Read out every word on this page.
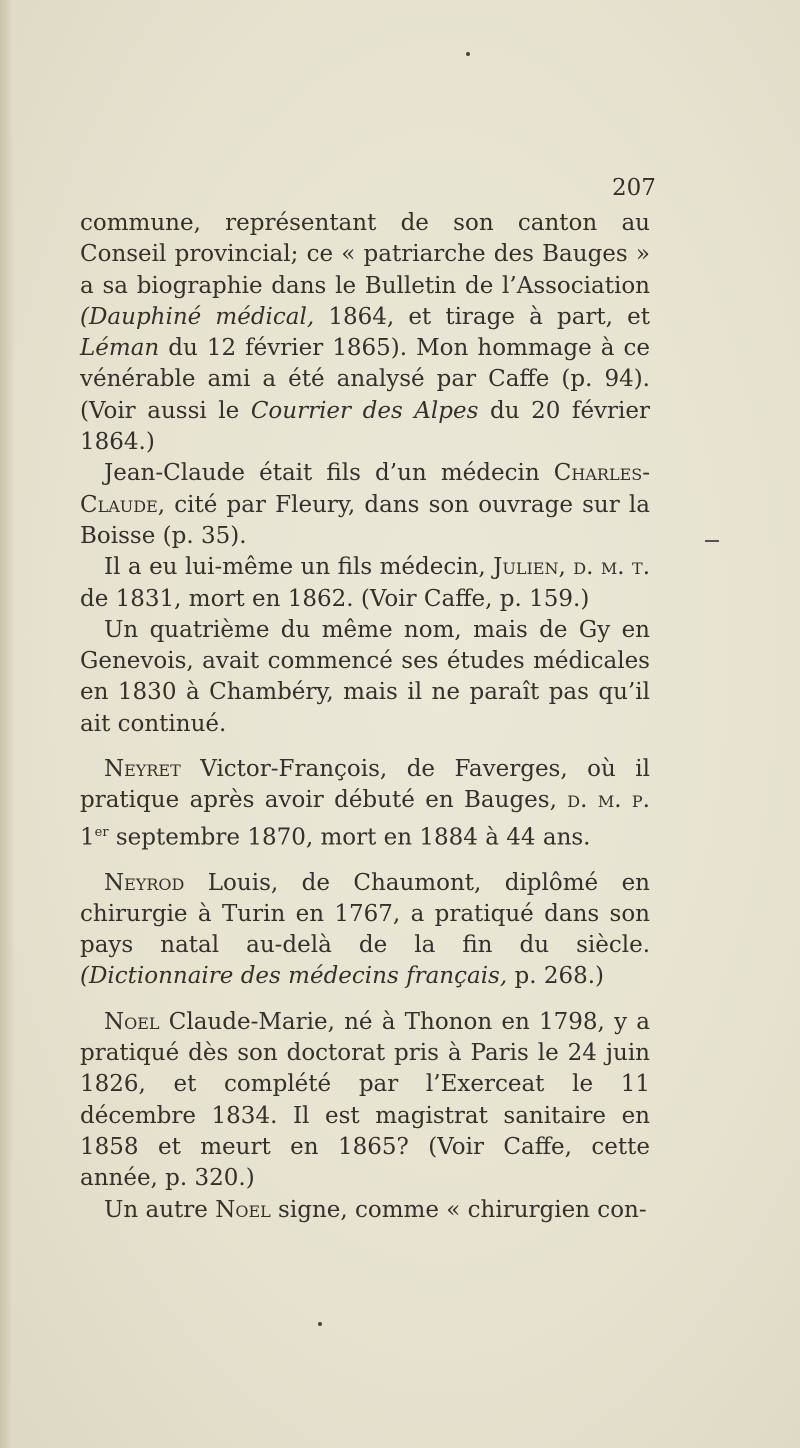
207

commune, représentant de son canton au Conseil provincial; ce « patriarche des Bauges » a sa biographie dans le Bulletin de l’Association (Dauphiné médical, 1864, et tirage à part, et Léman du 12 février 1865). Mon hommage à ce vénérable ami a été analysé par Caffe (p. 94). (Voir aussi le Courrier des Alpes du 20 février 1864.)

Jean-Claude était fils d’un médecin Charles-Claude, cité par Fleury, dans son ouvrage sur la Boisse (p. 35).

Il a eu lui-même un fils médecin, Julien, d. m. t. de 1831, mort en 1862. (Voir Caffe, p. 159.)

Un quatrième du même nom, mais de Gy en Genevois, avait commencé ses études médicales en 1830 à Chambéry, mais il ne paraît pas qu’il ait continué.

Neyret Victor-François, de Faverges, où il pratique après avoir débuté en Bauges, d. m. p. 1er septembre 1870, mort en 1884 à 44 ans.

Neyrod Louis, de Chaumont, diplômé en chirurgie à Turin en 1767, a pratiqué dans son pays natal au-delà de la fin du siècle. (Dictionnaire des médecins français, p. 268.)

Noel Claude-Marie, né à Thonon en 1798, y a pratiqué dès son doctorat pris à Paris le 24 juin 1826, et complété par l’Exerceat le 11 décembre 1834. Il est magistrat sanitaire en 1858 et meurt en 1865? (Voir Caffe, cette année, p. 320.)

Un autre Noel signe, comme « chirurgien con-
